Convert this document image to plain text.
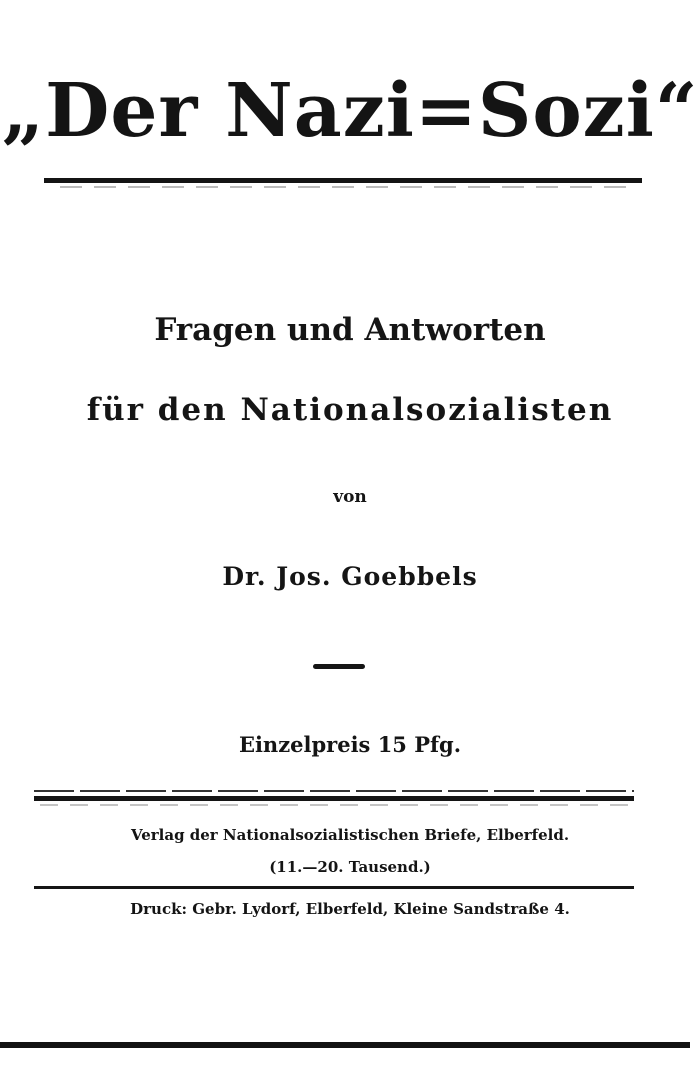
„Der Nazi=Sozi“
Fragen und Antworten
für den Nationalsozialisten
von
Dr. Jos. Goebbels
Einzelpreis 15 Pfg.
Verlag der Nationalsozialistischen Briefe, Elberfeld.
(11.—20. Tausend.)
Druck: Gebr. Lydorf, Elberfeld, Kleine Sandstraße 4.
